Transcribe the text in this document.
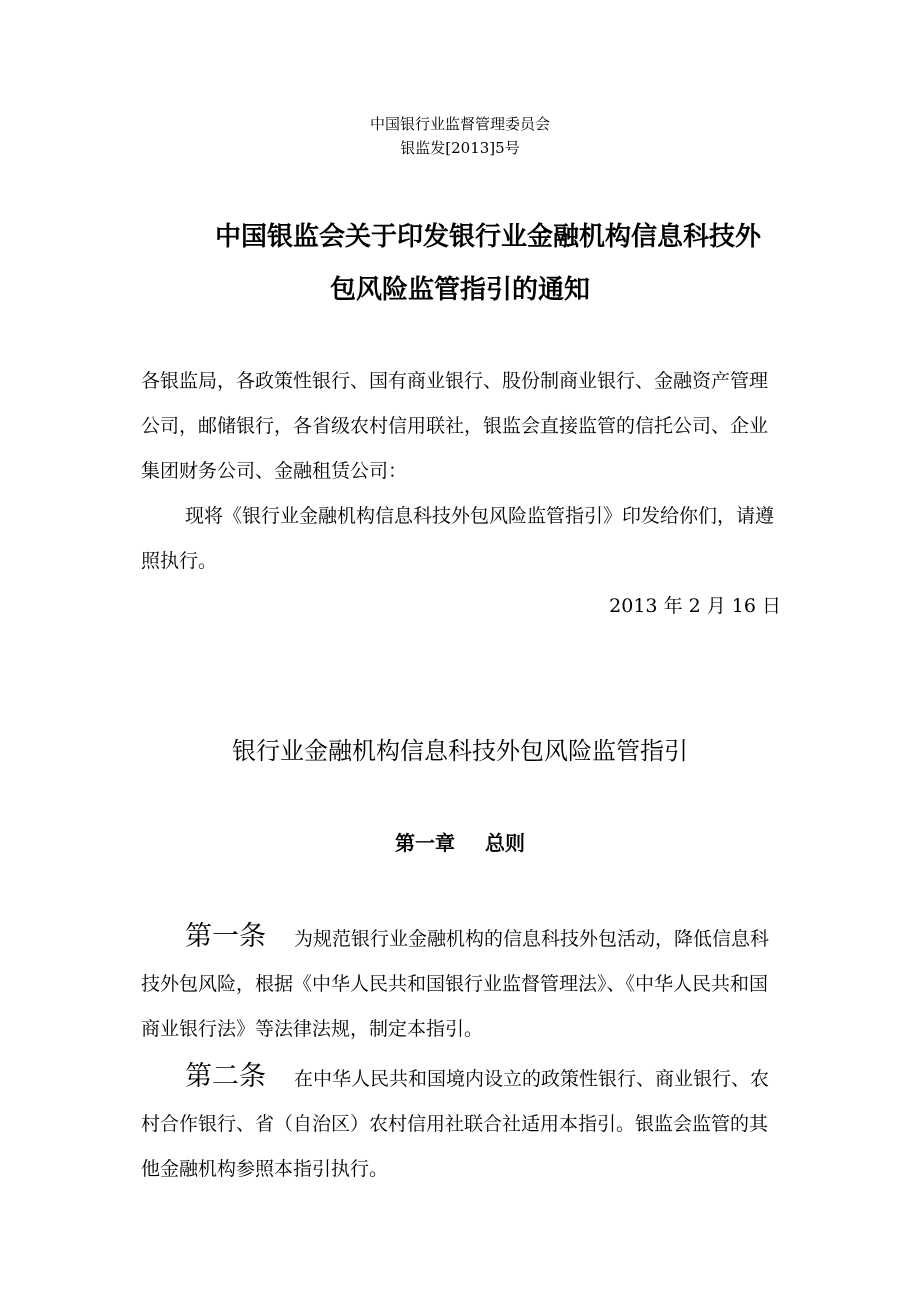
中国银行业监督管理委员会
银监发[2013]5号
中国银监会关于印发银行业金融机构信息科技外
包风险监管指引的通知
各银监局，各政策性银行、国有商业银行、股份制商业银行、金融资产管理公司，邮储银行，各省级农村信用联社，银监会直接监管的信托公司、企业集团财务公司、金融租赁公司：
现将《银行业金融机构信息科技外包风险监管指引》印发给你们，请遵照执行。
2013 年 2 月 16 日
银行业金融机构信息科技外包风险监管指引
第一章 总则
第一条 为规范银行业金融机构的信息科技外包活动，降低信息科技外包风险，根据《中华人民共和国银行业监督管理法》、《中华人民共和国商业银行法》等法律法规，制定本指引。
第二条 在中华人民共和国境内设立的政策性银行、商业银行、农村合作银行、省（自治区）农村信用社联合社适用本指引。银监会监管的其他金融机构参照本指引执行。
